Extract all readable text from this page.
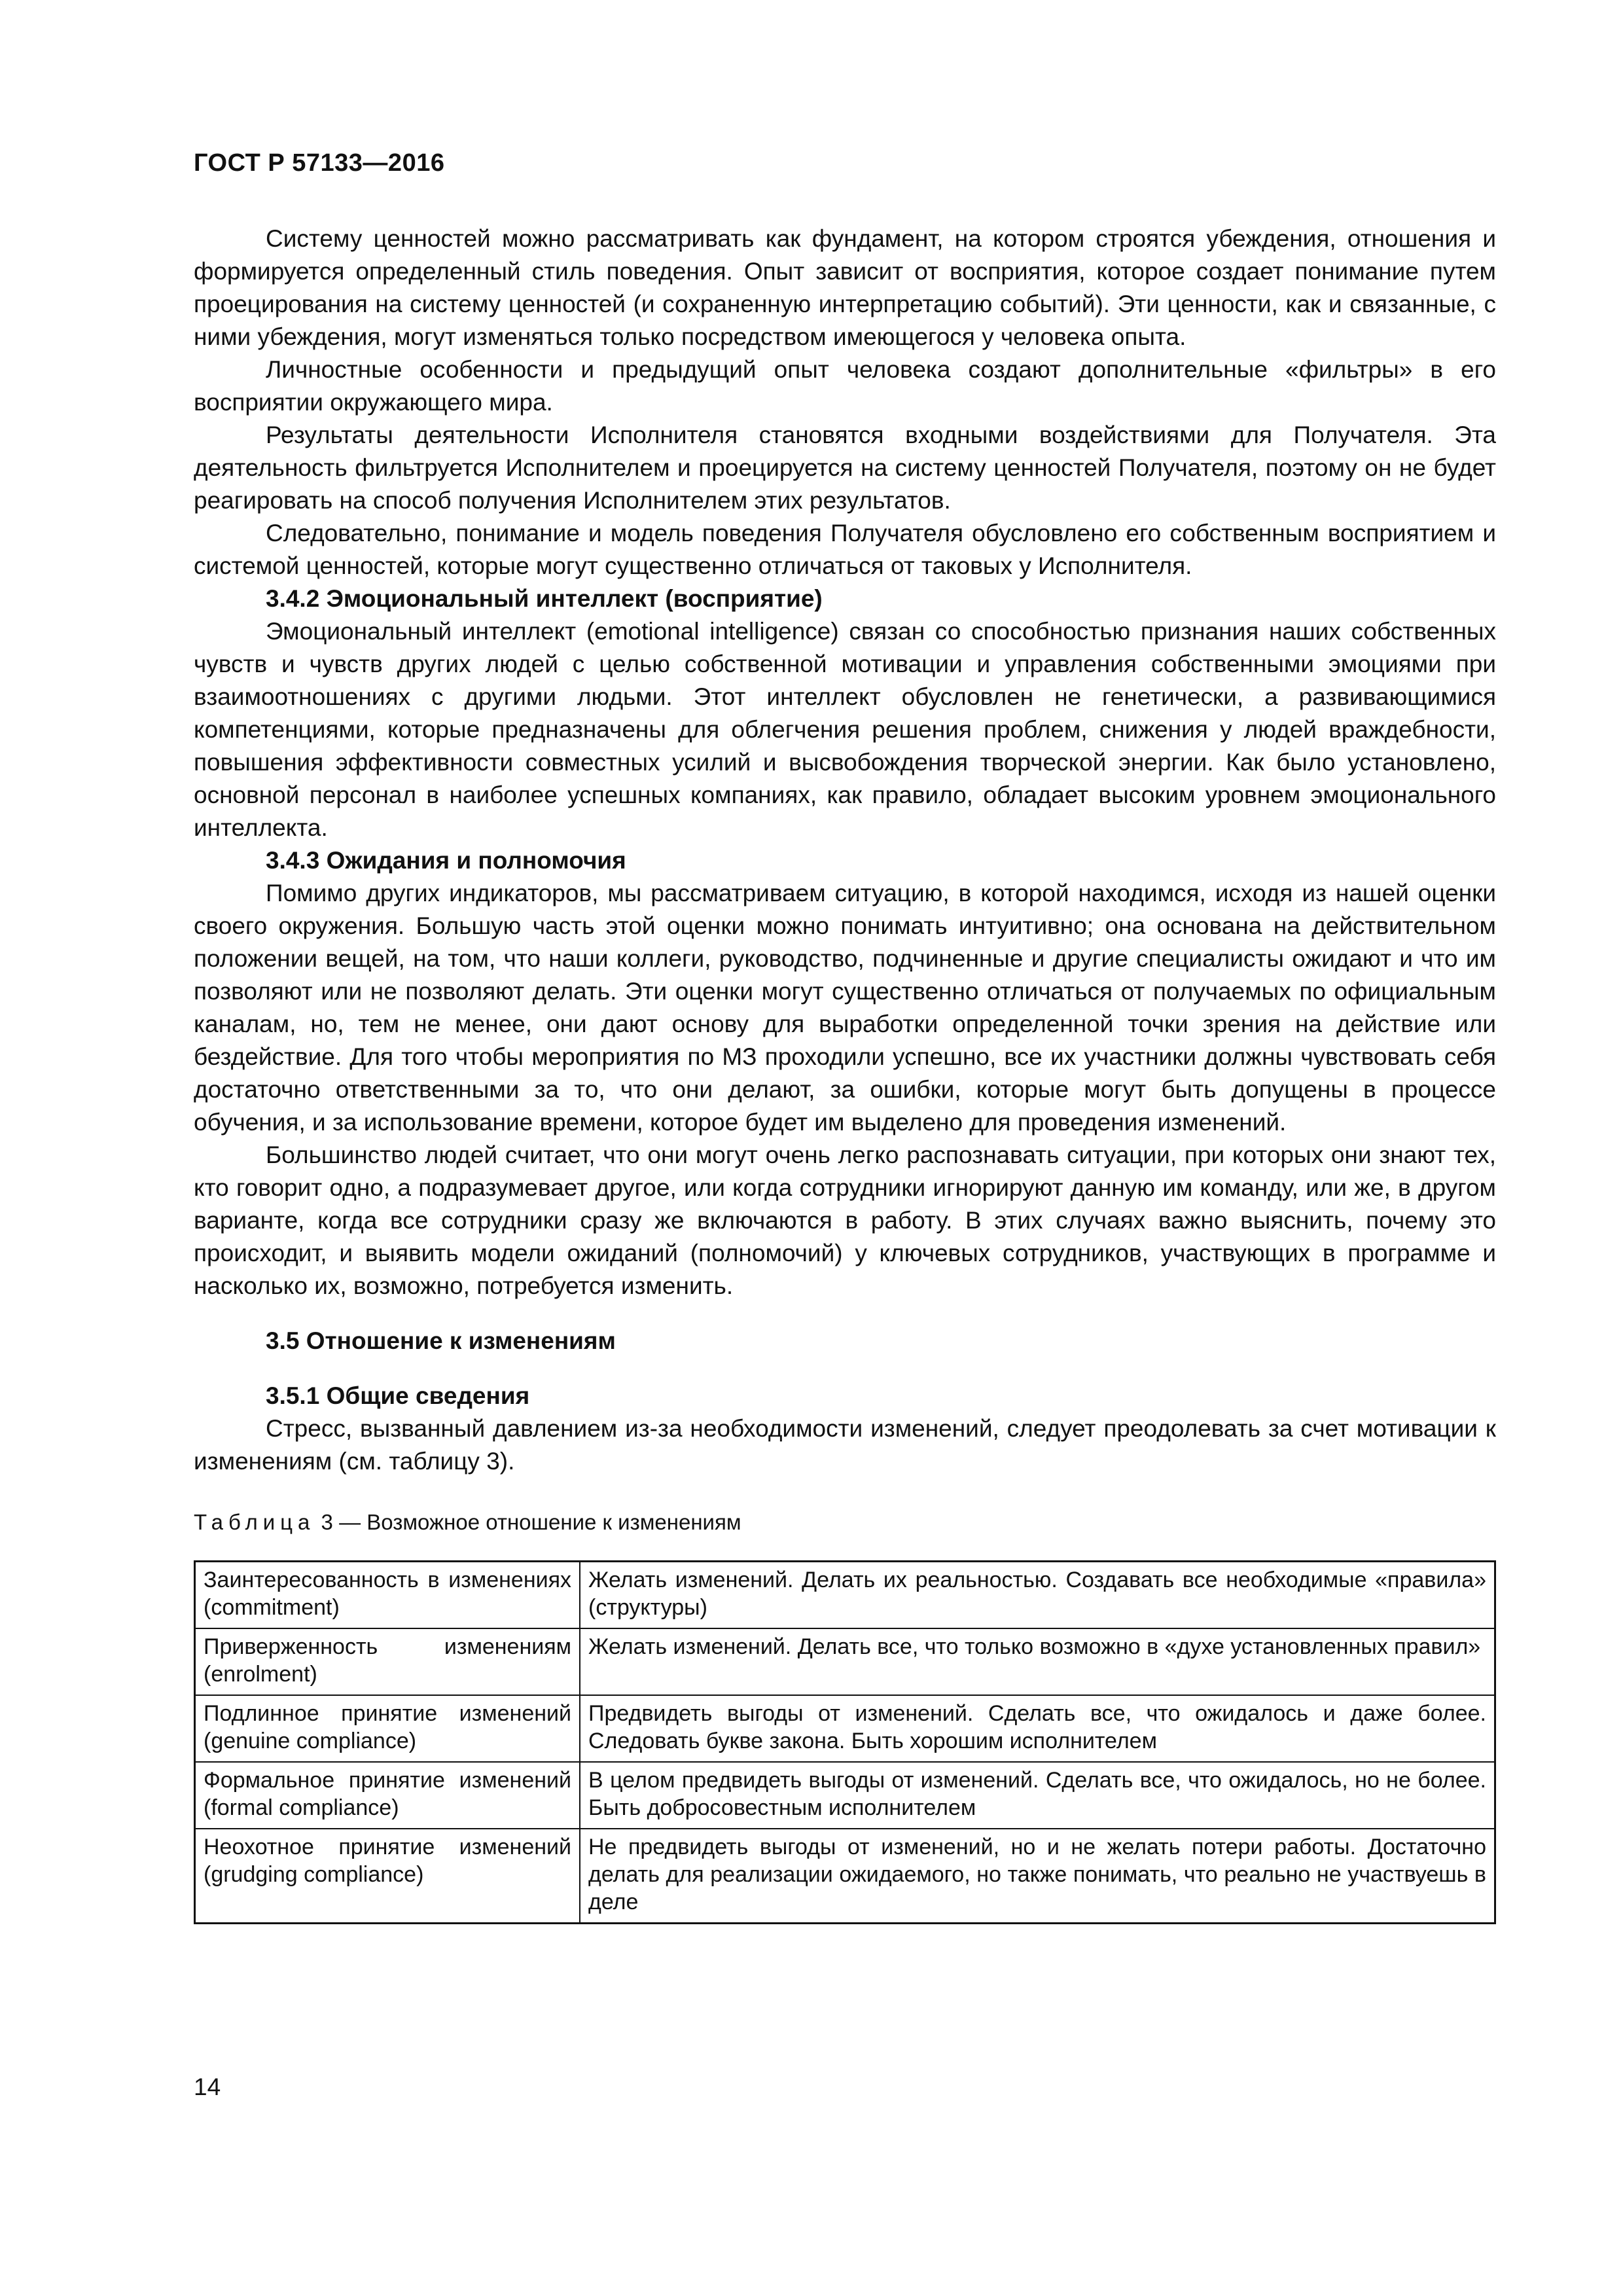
ГОСТ Р 57133—2016

Систему ценностей можно рассматривать как фундамент, на котором строятся убеждения, отношения и формируется определенный стиль поведения. Опыт зависит от восприятия, которое создает понимание путем проецирования на систему ценностей (и сохраненную интерпретацию событий). Эти ценности, как и связанные, с ними убеждения, могут изменяться только посредством имеющегося у человека опыта.

Личностные особенности и предыдущий опыт человека создают дополнительные «фильтры» в его восприятии окружающего мира.

Результаты деятельности Исполнителя становятся входными воздействиями для Получателя. Эта деятельность фильтруется Исполнителем и проецируется на систему ценностей Получателя, поэтому он не будет реагировать на способ получения Исполнителем этих результатов.

Следовательно, понимание и модель поведения Получателя обусловлено его собственным восприятием и системой ценностей, которые могут существенно отличаться от таковых у Исполнителя.

3.4.2 Эмоциональный интеллект (восприятие)

Эмоциональный интеллект (emotional intelligence) связан со способностью признания наших собственных чувств и чувств других людей с целью собственной мотивации и управления собственными эмоциями при взаимоотношениях с другими людьми. Этот интеллект обусловлен не генетически, а развивающимися компетенциями, которые предназначены для облегчения решения проблем, снижения у людей враждебности, повышения эффективности совместных усилий и высвобождения творческой энергии. Как было установлено, основной персонал в наиболее успешных компаниях, как правило, обладает высоким уровнем эмоционального интеллекта.

3.4.3 Ожидания и полномочия

Помимо других индикаторов, мы рассматриваем ситуацию, в которой находимся, исходя из нашей оценки своего окружения. Большую часть этой оценки можно понимать интуитивно; она основана на действительном положении вещей, на том, что наши коллеги, руководство, подчиненные и другие специалисты ожидают и что им позволяют или не позволяют делать. Эти оценки могут существенно отличаться от получаемых по официальным каналам, но, тем не менее, они дают основу для выработки определенной точки зрения на действие или бездействие. Для того чтобы мероприятия по МЗ проходили успешно, все их участники должны чувствовать себя достаточно ответственными за то, что они делают, за ошибки, которые могут быть допущены в процессе обучения, и за использование времени, которое будет им выделено для проведения изменений.

Большинство людей считает, что они могут очень легко распознавать ситуации, при которых они знают тех, кто говорит одно, а подразумевает другое, или когда сотрудники игнорируют данную им команду, или же, в другом варианте, когда все сотрудники сразу же включаются в работу. В этих случаях важно выяснить, почему это происходит, и выявить модели ожиданий (полномочий) у ключевых сотрудников, участвующих в программе и насколько их, возможно, потребуется изменить.

3.5 Отношение к изменениям

3.5.1 Общие сведения

Стресс, вызванный давлением из-за необходимости изменений, следует преодолевать за счет мотивации к изменениям (см. таблицу 3).

Таблица 3 — Возможное отношение к изменениям

Заинтересованность в изменениях (commitment)	Желать изменений. Делать их реальностью. Создавать все необходимые «правила» (структуры)
Приверженность изменениям (enrolment)	Желать изменений. Делать все, что только возможно в «духе установленных правил»
Подлинное принятие изменений (genuine compliance)	Предвидеть выгоды от изменений. Сделать все, что ожидалось и даже более. Следовать букве закона. Быть хорошим исполнителем
Формальное принятие изменений (formal compliance)	В целом предвидеть выгоды от изменений. Сделать все, что ожидалось, но не более. Быть добросовестным исполнителем
Неохотное принятие изменений (grudging compliance)	Не предвидеть выгоды от изменений, но и не желать потери работы. Достаточно делать для реализации ожидаемого, но также понимать, что реально не участвуешь в деле
14
